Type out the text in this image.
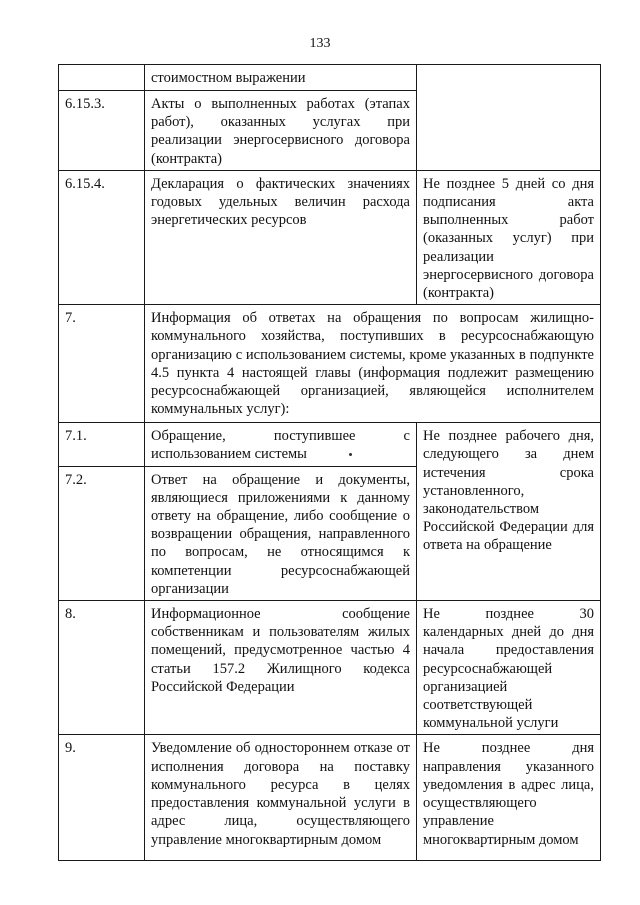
133
	стоимостном выражении	
6.15.3.	Акты о выполненных работах (этапах работ), оказанных услугах при реализации энергосервисного договора (контракта)	
6.15.4.	Декларация о фактических значениях годовых удельных величин расхода энергетических ресурсов	Не позднее 5 дней со дня подписания акта выполненных работ (оказанных услуг) при реализации энергосервисного договора (контракта)
7.	Информация об ответах на обращения по вопросам жилищно-коммунального хозяйства, поступивших в ресурсоснабжающую организацию с использованием системы, кроме указанных в подпункте 4.5 пункта 4 настоящей главы (информация подлежит размещению ресурсоснабжающей организацией, являющейся исполнителем коммунальных услуг):	
7.1.	Обращение, поступившее с использованием системы	Не позднее рабочего дня, следующего за днем истечения срока установленного, законодательством Российской Федерации для ответа на обращение
7.2.	Ответ на обращение и документы, являющиеся приложениями к данному ответу на обращение, либо сообщение о возвращении обращения, направленного по вопросам, не относящимся к компетенции ресурсоснабжающей организации	
8.	Информационное сообщение собственникам и пользователям жилых помещений, предусмотренное частью 4 статьи 157.2 Жилищного кодекса Российской Федерации	Не позднее 30 календарных дней до дня начала предоставления ресурсоснабжающей организацией соответствующей коммунальной услуги
9.	Уведомление об одностороннем отказе от исполнения договора на поставку коммунального ресурса в целях предоставления коммунальной услуги в адрес лица, осуществляющего управление многоквартирным домом	Не позднее дня направления указанного уведомления в адрес лица, осуществляющего управление многоквартирным домом
